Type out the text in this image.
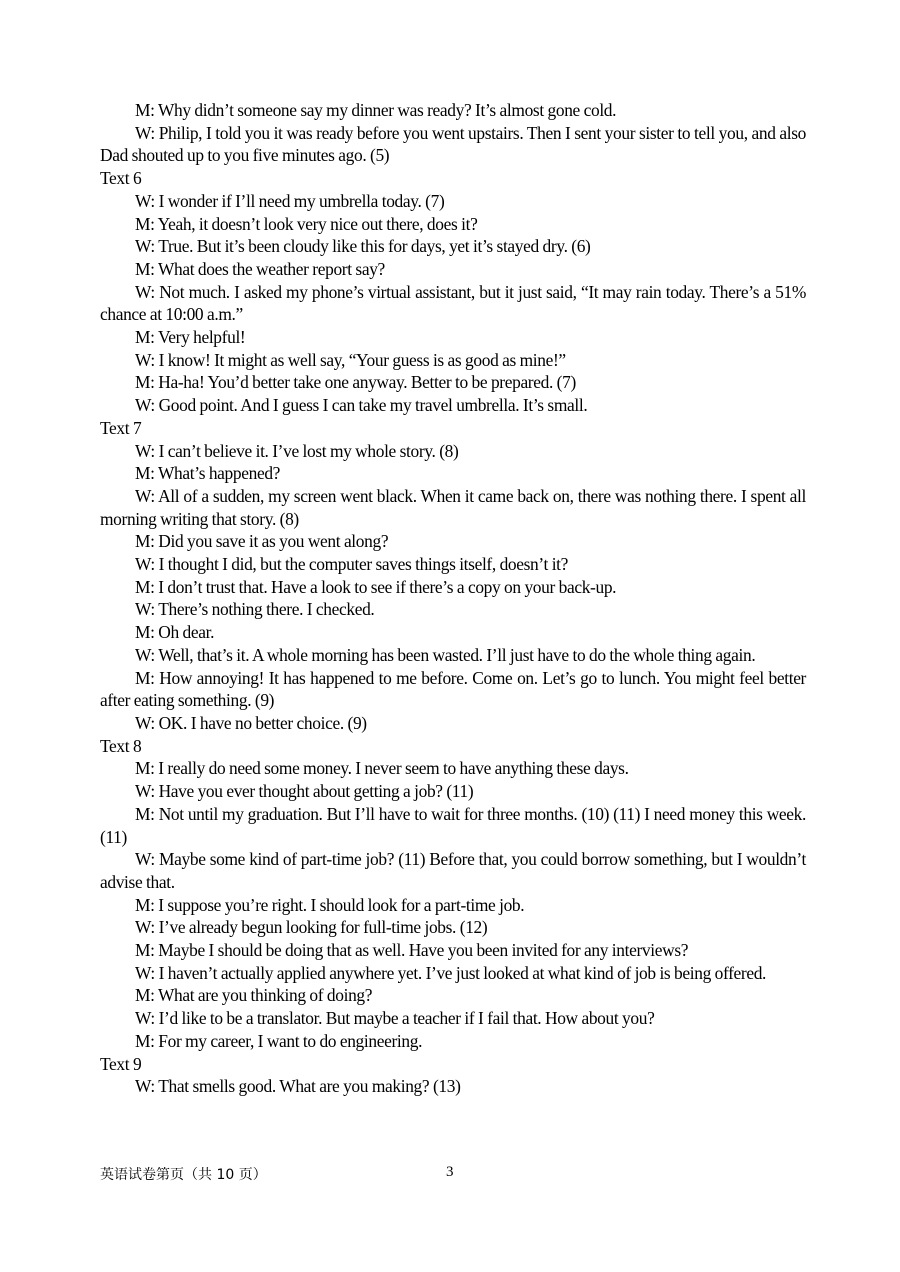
M: Why didn’t someone say my dinner was ready? It’s almost gone cold.

W: Philip, I told you it was ready before you went upstairs. Then I sent your sister to tell you, and also Dad shouted up to you five minutes ago. (5)

Text 6

W: I wonder if I’ll need my umbrella today. (7)

M: Yeah, it doesn’t look very nice out there, does it?

W: True. But it’s been cloudy like this for days, yet it’s stayed dry. (6)

M: What does the weather report say?

W: Not much. I asked my phone’s virtual assistant, but it just said, “It may rain today. There’s a 51% chance at 10:00 a.m.”

M: Very helpful!

W: I know! It might as well say, “Your guess is as good as mine!”

M: Ha-ha! You’d better take one anyway. Better to be prepared. (7)

W: Good point. And I guess I can take my travel umbrella. It’s small.

Text 7

W: I can’t believe it. I’ve lost my whole story. (8)

M: What’s happened?

W: All of a sudden, my screen went black. When it came back on, there was nothing there. I spent all morning writing that story. (8)

M: Did you save it as you went along?

W: I thought I did, but the computer saves things itself, doesn’t it?

M: I don’t trust that. Have a look to see if there’s a copy on your back-up.

W: There’s nothing there. I checked.

M: Oh dear.

W: Well, that’s it. A whole morning has been wasted. I’ll just have to do the whole thing again.

M: How annoying! It has happened to me before. Come on. Let’s go to lunch. You might feel better after eating something. (9)

W: OK. I have no better choice. (9)

Text 8

M: I really do need some money. I never seem to have anything these days.

W: Have you ever thought about getting a job? (11)

M: Not until my graduation. But I’ll have to wait for three months. (10) (11) I need money this week. (11)

W: Maybe some kind of part-time job? (11) Before that, you could borrow something, but I wouldn’t advise that.

M: I suppose you’re right. I should look for a part-time job.

W: I’ve already begun looking for full-time jobs. (12)

M: Maybe I should be doing that as well. Have you been invited for any interviews?

W: I haven’t actually applied anywhere yet. I’ve just looked at what kind of job is being offered.

M: What are you thinking of doing?

W: I’d like to be a translator. But maybe a teacher if I fail that. How about you?

M: For my career, I want to do engineering.

Text 9

W: That smells good. What are you making? (13)

英语试卷第页（共 10 页）	3
